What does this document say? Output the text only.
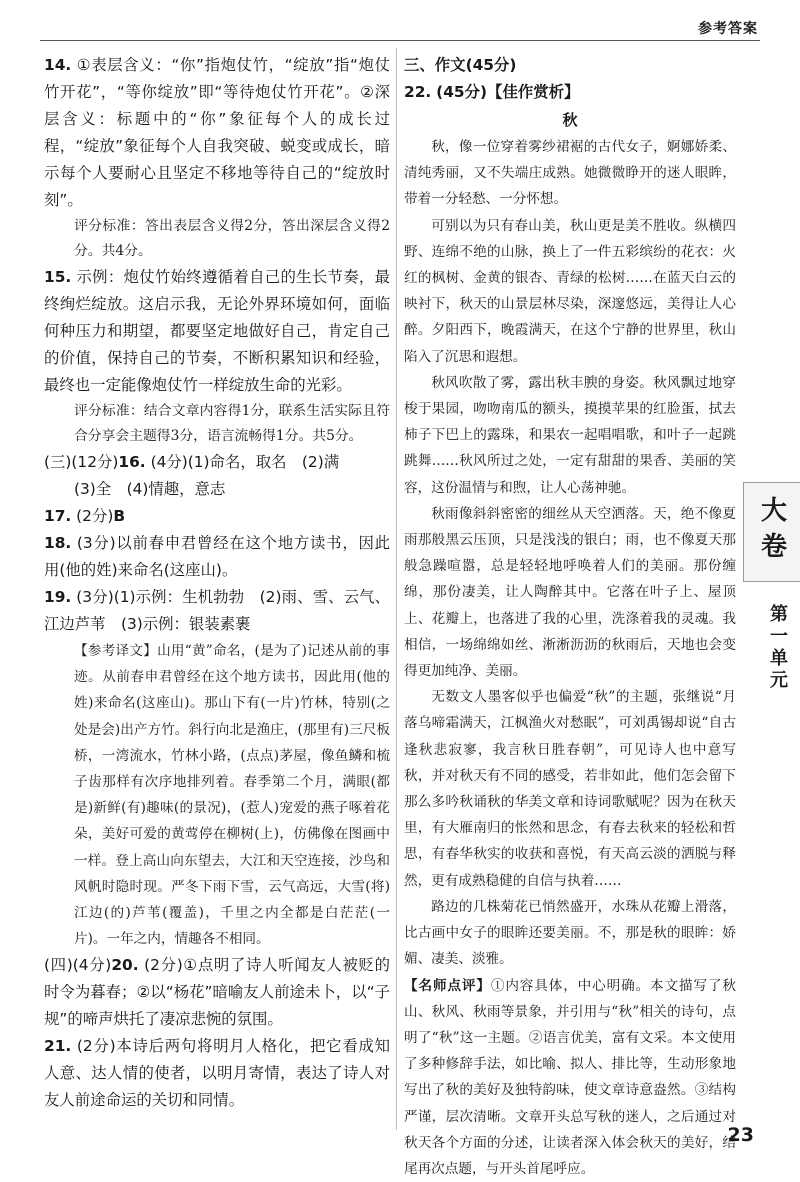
参考答案

14. ①表层含义：“你”指炮仗竹，“绽放”指“炮仗竹开花”，“等你绽放”即“等待炮仗竹开花”。②深层含义：标题中的“你”象征每个人的成长过程，“绽放”象征每个人自我突破、蜕变或成长，暗示每个人要耐心且坚定不移地等待自己的“绽放时刻”。

评分标准：答出表层含义得2分，答出深层含义得2分。共4分。

15. 示例：炮仗竹始终遵循着自己的生长节奏，最终绚烂绽放。这启示我，无论外界环境如何，面临何种压力和期望，都要坚定地做好自己，肯定自己的价值，保持自己的节奏，不断积累知识和经验，最终也一定能像炮仗竹一样绽放生命的光彩。

评分标准：结合文章内容得1分，联系生活实际且符合分享会主题得3分，语言流畅得1分。共5分。

(三)(12分)16. (4分)(1)命名，取名　(2)满

(3)全　(4)情趣，意志

17. (2分)B

18. (3分)以前春申君曾经在这个地方读书，因此用(他的姓)来命名(这座山)。

19. (3分)(1)示例：生机勃勃　(2)雨、雪、云气、江边芦苇　(3)示例：银装素裹

【参考译文】山用“黄”命名，(是为了)记述从前的事迹。从前春申君曾经在这个地方读书，因此用(他的姓)来命名(这座山)。那山下有(一片)竹林，特别(之处是会)出产方竹。斜行向北是渔庄，(那里有)三尺板桥，一湾流水，竹林小路，(点点)茅屋，像鱼鳞和梳子齿那样有次序地排列着。春季第二个月，满眼(都是)新鲜(有)趣味(的景况)，(惹人)宠爱的燕子啄着花朵，美好可爱的黄莺停在柳树(上)，仿佛像在图画中一样。登上高山向东望去，大江和天空连接，沙鸟和风帆时隐时现。严冬下雨下雪，云气高远，大雪(将)江边(的)芦苇(覆盖)，千里之内全都是白茫茫(一片)。一年之内，情趣各不相同。

(四)(4分)20. (2分)①点明了诗人听闻友人被贬的时令为暮春；②以“杨花”暗喻友人前途未卜，以“子规”的啼声烘托了凄凉悲惋的氛围。

21. (2分)本诗后两句将明月人格化，把它看成知人意、达人情的使者，以明月寄情，表达了诗人对友人前途命运的关切和同情。

三、作文(45分)

22. (45分)【佳作赏析】

秋

秋，像一位穿着雾纱裙裾的古代女子，婀娜娇柔、清纯秀丽，又不失端庄成熟。她微微睁开的迷人眼眸，带着一分轻愁、一分怀想。

可别以为只有春山美，秋山更是美不胜收。纵横四野、连绵不绝的山脉，换上了一件五彩缤纷的花衣：火红的枫树、金黄的银杏、青绿的松树……在蓝天白云的映衬下，秋天的山景层林尽染，深邃悠远，美得让人心醉。夕阳西下，晚霞满天，在这个宁静的世界里，秋山陷入了沉思和遐想。

秋风吹散了雾，露出秋丰腴的身姿。秋风飘过地穿梭于果园，吻吻南瓜的额头，摸摸苹果的红脸蛋，拭去柿子下巴上的露珠，和果农一起唱唱歌，和叶子一起跳跳舞……秋风所过之处，一定有甜甜的果香、美丽的笑容，这份温情与和煦，让人心荡神驰。

秋雨像斜斜密密的细丝从天空洒落。天，绝不像夏雨那般黑云压顶，只是浅浅的银白；雨，也不像夏天那般急躁喧嚣，总是轻轻地呼唤着人们的美丽。那份缠绵，那份凄美，让人陶醉其中。它落在叶子上、屋顶上、花瓣上，也落进了我的心里，洗涤着我的灵魂。我相信，一场绵绵如丝、淅淅沥沥的秋雨后，天地也会变得更加纯净、美丽。

无数文人墨客似乎也偏爱“秋”的主题，张继说“月落乌啼霜满天，江枫渔火对愁眠”，可刘禹锡却说“自古逢秋悲寂寥，我言秋日胜春朝”，可见诗人也中意写秋，并对秋天有不同的感受，若非如此，他们怎会留下那么多吟秋诵秋的华美文章和诗词歌赋呢？因为在秋天里，有大雁南归的怅然和思念，有春去秋来的轻松和哲思，有春华秋实的收获和喜悦，有天高云淡的洒脱与释然，更有成熟稳健的自信与执着……

路边的几株菊花已悄然盛开，水珠从花瓣上滑落，比古画中女子的眼眸还要美丽。不，那是秋的眼眸：娇媚、凄美、淡雅。

【名师点评】①内容具体，中心明确。本文描写了秋山、秋风、秋雨等景象，并引用与“秋”相关的诗句，点明了“秋”这一主题。②语言优美，富有文采。本文使用了多种修辞手法，如比喻、拟人、排比等，生动形象地写出了秋的美好及独特韵味，使文章诗意盎然。③结构严谨，层次清晰。文章开头总写秋的迷人，之后通过对秋天各个方面的分述，让读者深入体会秋天的美好，结尾再次点题，与开头首尾呼应。

大卷
第一单元
23
